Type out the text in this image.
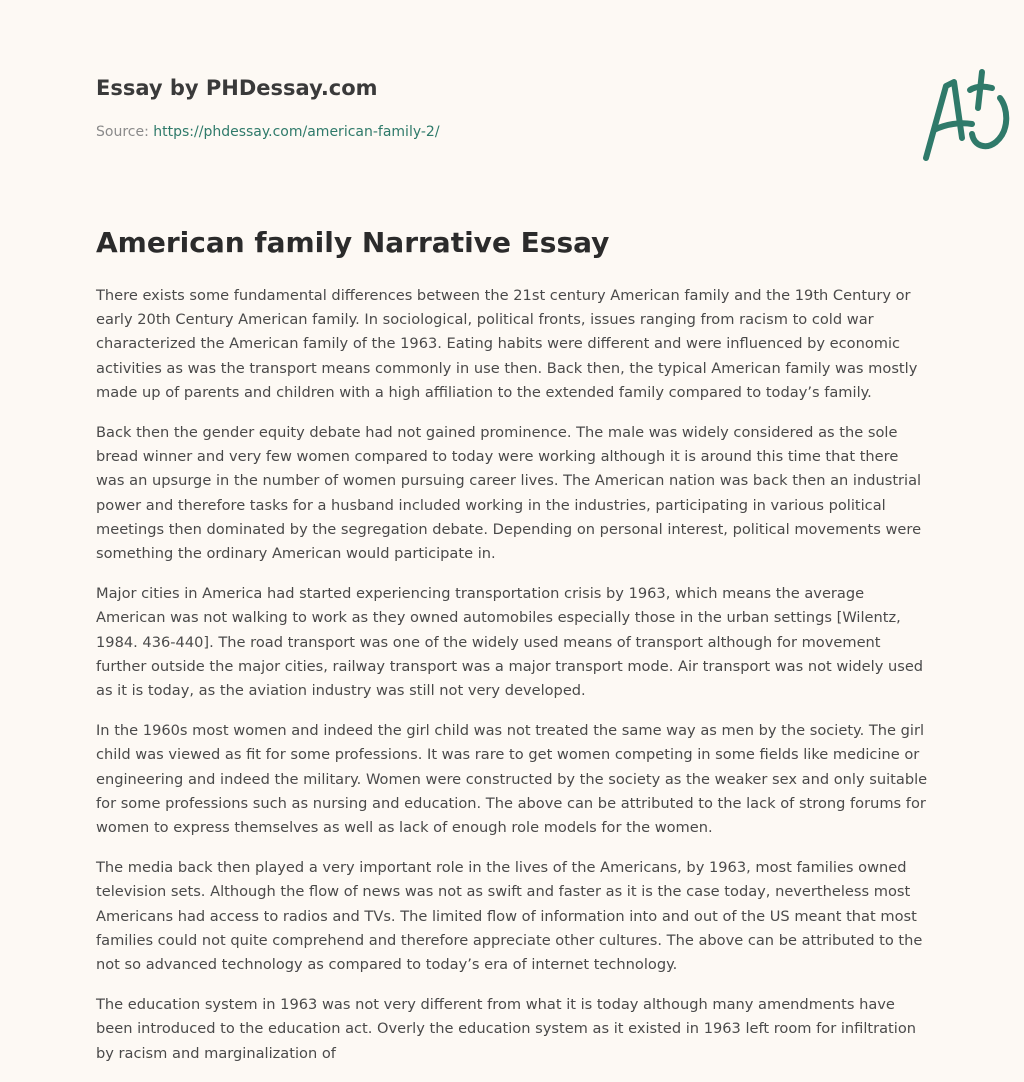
Essay by PHDessay.com
Source: https://phdessay.com/american-family-2/
American family Narrative Essay

There exists some fundamental differences between the 21st century American family and the 19th Century or early 20th Century American family. In sociological, political fronts, issues ranging from racism to cold war characterized the American family of the 1963. Eating habits were different and were influenced by economic activities as was the transport means commonly in use then. Back then, the typical American family was mostly made up of parents and children with a high affiliation to the extended family compared to today’s family.

Back then the gender equity debate had not gained prominence. The male was widely considered as the sole bread winner and very few women compared to today were working although it is around this time that there was an upsurge in the number of women pursuing career lives. The American nation was back then an industrial power and therefore tasks for a husband included working in the industries, participating in various political meetings then dominated by the segregation debate. Depending on personal interest, political movements were something the ordinary American would participate in.

Major cities in America had started experiencing transportation crisis by 1963, which means the average American was not walking to work as they owned automobiles especially those in the urban settings [Wilentz, 1984. 436-440]. The road transport was one of the widely used means of transport although for movement further outside the major cities, railway transport was a major transport mode. Air transport was not widely used as it is today, as the aviation industry was still not very developed.

In the 1960s most women and indeed the girl child was not treated the same way as men by the society. The girl child was viewed as fit for some professions. It was rare to get women competing in some fields like medicine or engineering and indeed the military. Women were constructed by the society as the weaker sex and only suitable for some professions such as nursing and education. The above can be attributed to the lack of strong forums for women to express themselves as well as lack of enough role models for the women.

The media back then played a very important role in the lives of the Americans, by 1963, most families owned television sets. Although the flow of news was not as swift and faster as it is the case today, nevertheless most Americans had access to radios and TVs. The limited flow of information into and out of the US meant that most families could not quite comprehend and therefore appreciate other cultures. The above can be attributed to the not so advanced technology as compared to today’s era of internet technology.

The education system in 1963 was not very different from what it is today although many amendments have been introduced to the education act. Overly the education system as it existed in 1963 left room for infiltration by racism and marginalization of
